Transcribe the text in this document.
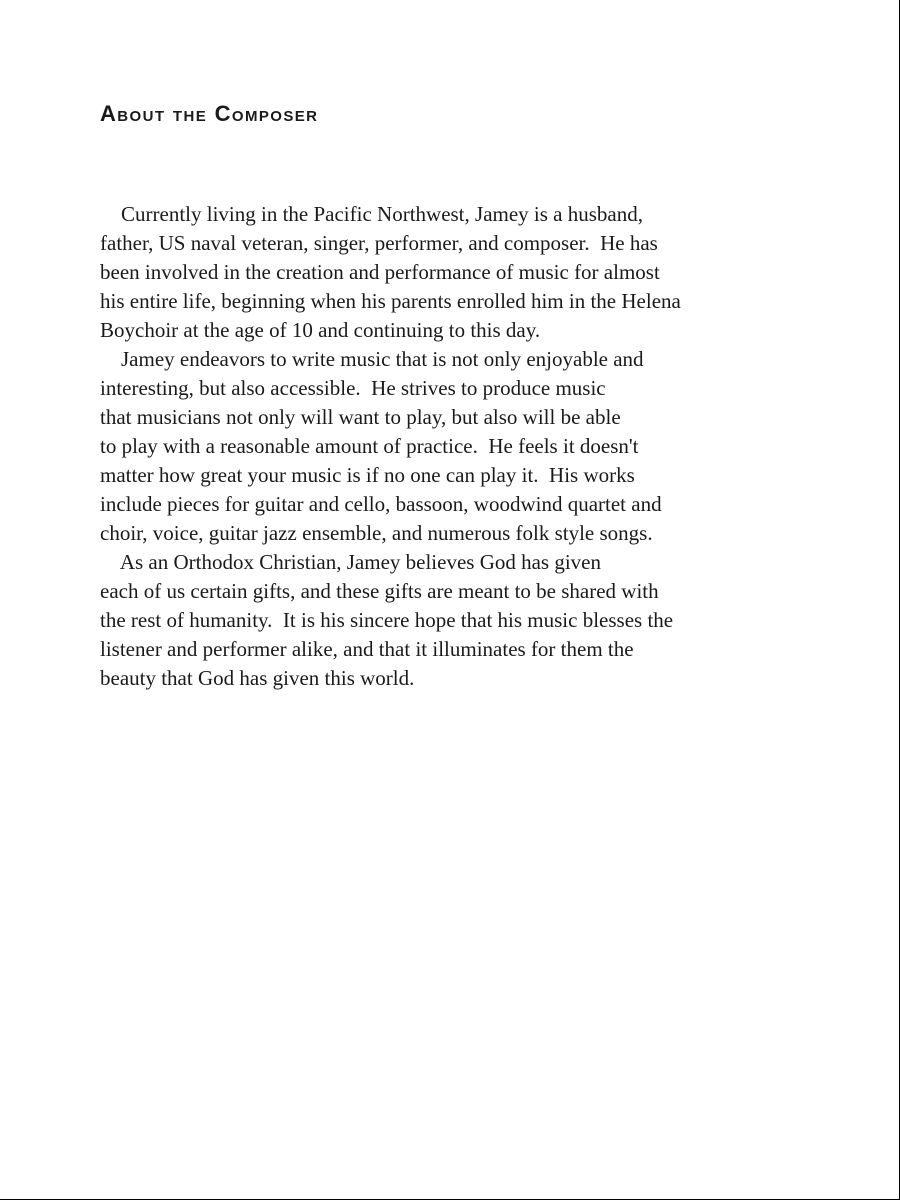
About the Composer
Currently living in the Pacific Northwest, Jamey is a husband,
father, US naval veteran, singer, performer, and composer.  He has
been involved in the creation and performance of music for almost
his entire life, beginning when his parents enrolled him in the Helena
Boychoir at the age of 10 and continuing to this day.
Jamey endeavors to write music that is not only enjoyable and
interesting, but also accessible.  He strives to produce music
that musicians not only will want to play, but also will be able
to play with a reasonable amount of practice.  He feels it doesn't
matter how great your music is if no one can play it.  His works
include pieces for guitar and cello, bassoon, woodwind quartet and
choir, voice, guitar jazz ensemble, and numerous folk style songs.
As an Orthodox Christian, Jamey believes God has given
each of us certain gifts, and these gifts are meant to be shared with
the rest of humanity.  It is his sincere hope that his music blesses the
listener and performer alike, and that it illuminates for them the
beauty that God has given this world.
